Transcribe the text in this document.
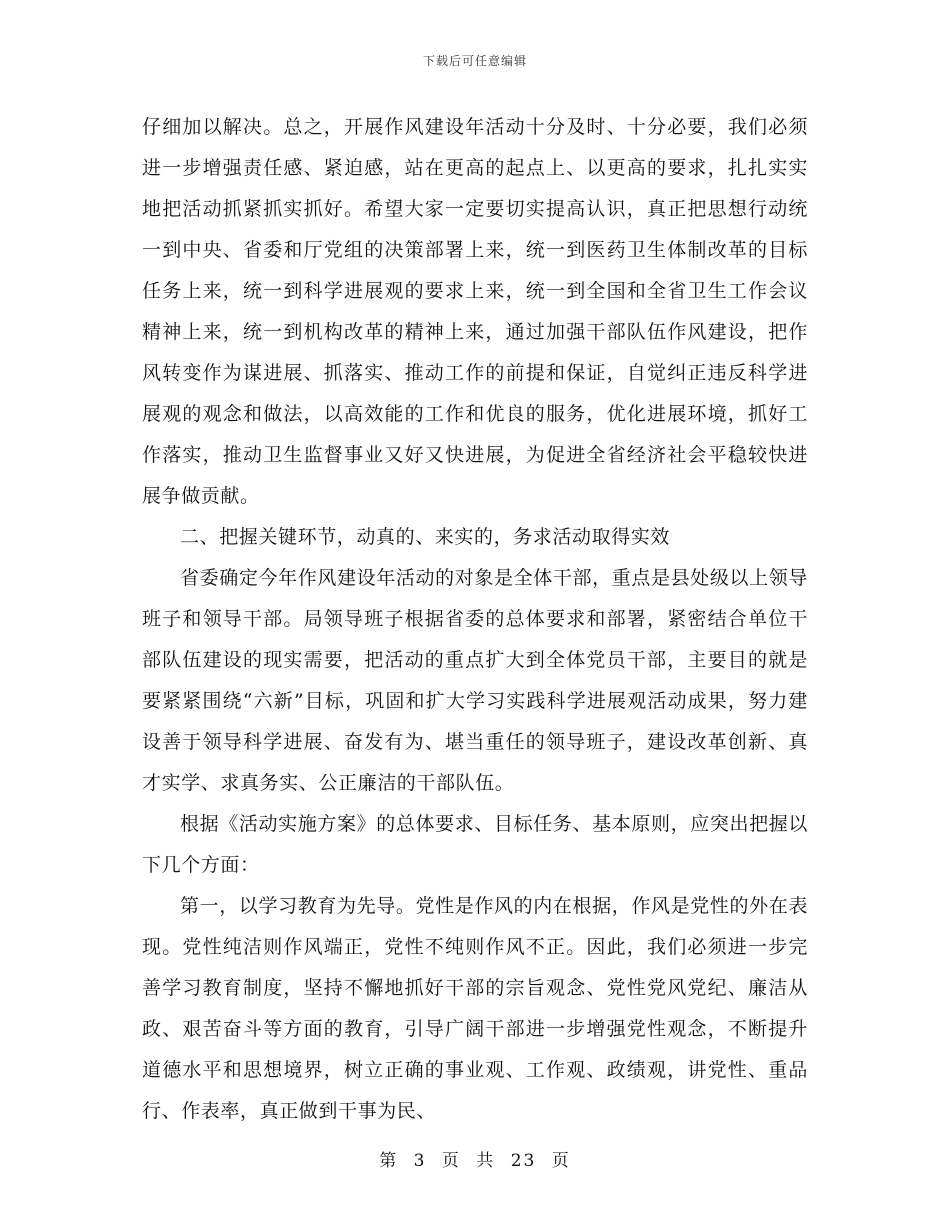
下载后可任意编辑

仔细加以解决。总之，开展作风建设年活动十分及时、十分必要，我们必须进一步增强责任感、紧迫感，站在更高的起点上、以更高的要求，扎扎实实地把活动抓紧抓实抓好。希望大家一定要切实提高认识，真正把思想行动统一到中央、省委和厅党组的决策部署上来，统一到医药卫生体制改革的目标任务上来，统一到科学进展观的要求上来，统一到全国和全省卫生工作会议精神上来，统一到机构改革的精神上来，通过加强干部队伍作风建设，把作风转变作为谋进展、抓落实、推动工作的前提和保证，自觉纠正违反科学进展观的观念和做法，以高效能的工作和优良的服务，优化进展环境，抓好工作落实，推动卫生监督事业又好又快进展，为促进全省经济社会平稳较快进展争做贡献。

二、把握关键环节，动真的、来实的，务求活动取得实效

省委确定今年作风建设年活动的对象是全体干部，重点是县处级以上领导班子和领导干部。局领导班子根据省委的总体要求和部署，紧密结合单位干部队伍建设的现实需要，把活动的重点扩大到全体党员干部，主要目的就是要紧紧围绕“六新”目标，巩固和扩大学习实践科学进展观活动成果，努力建设善于领导科学进展、奋发有为、堪当重任的领导班子，建设改革创新、真才实学、求真务实、公正廉洁的干部队伍。

根据《活动实施方案》的总体要求、目标任务、基本原则，应突出把握以下几个方面：

第一，以学习教育为先导。党性是作风的内在根据，作风是党性的外在表现。党性纯洁则作风端正，党性不纯则作风不正。因此，我们必须进一步完善学习教育制度，坚持不懈地抓好干部的宗旨观念、党性党风党纪、廉洁从政、艰苦奋斗等方面的教育，引导广阔干部进一步增强党性观念，不断提升道德水平和思想境界，树立正确的事业观、工作观、政绩观，讲党性、重品行、作表率，真正做到干事为民、

第 3 页 共 23 页
